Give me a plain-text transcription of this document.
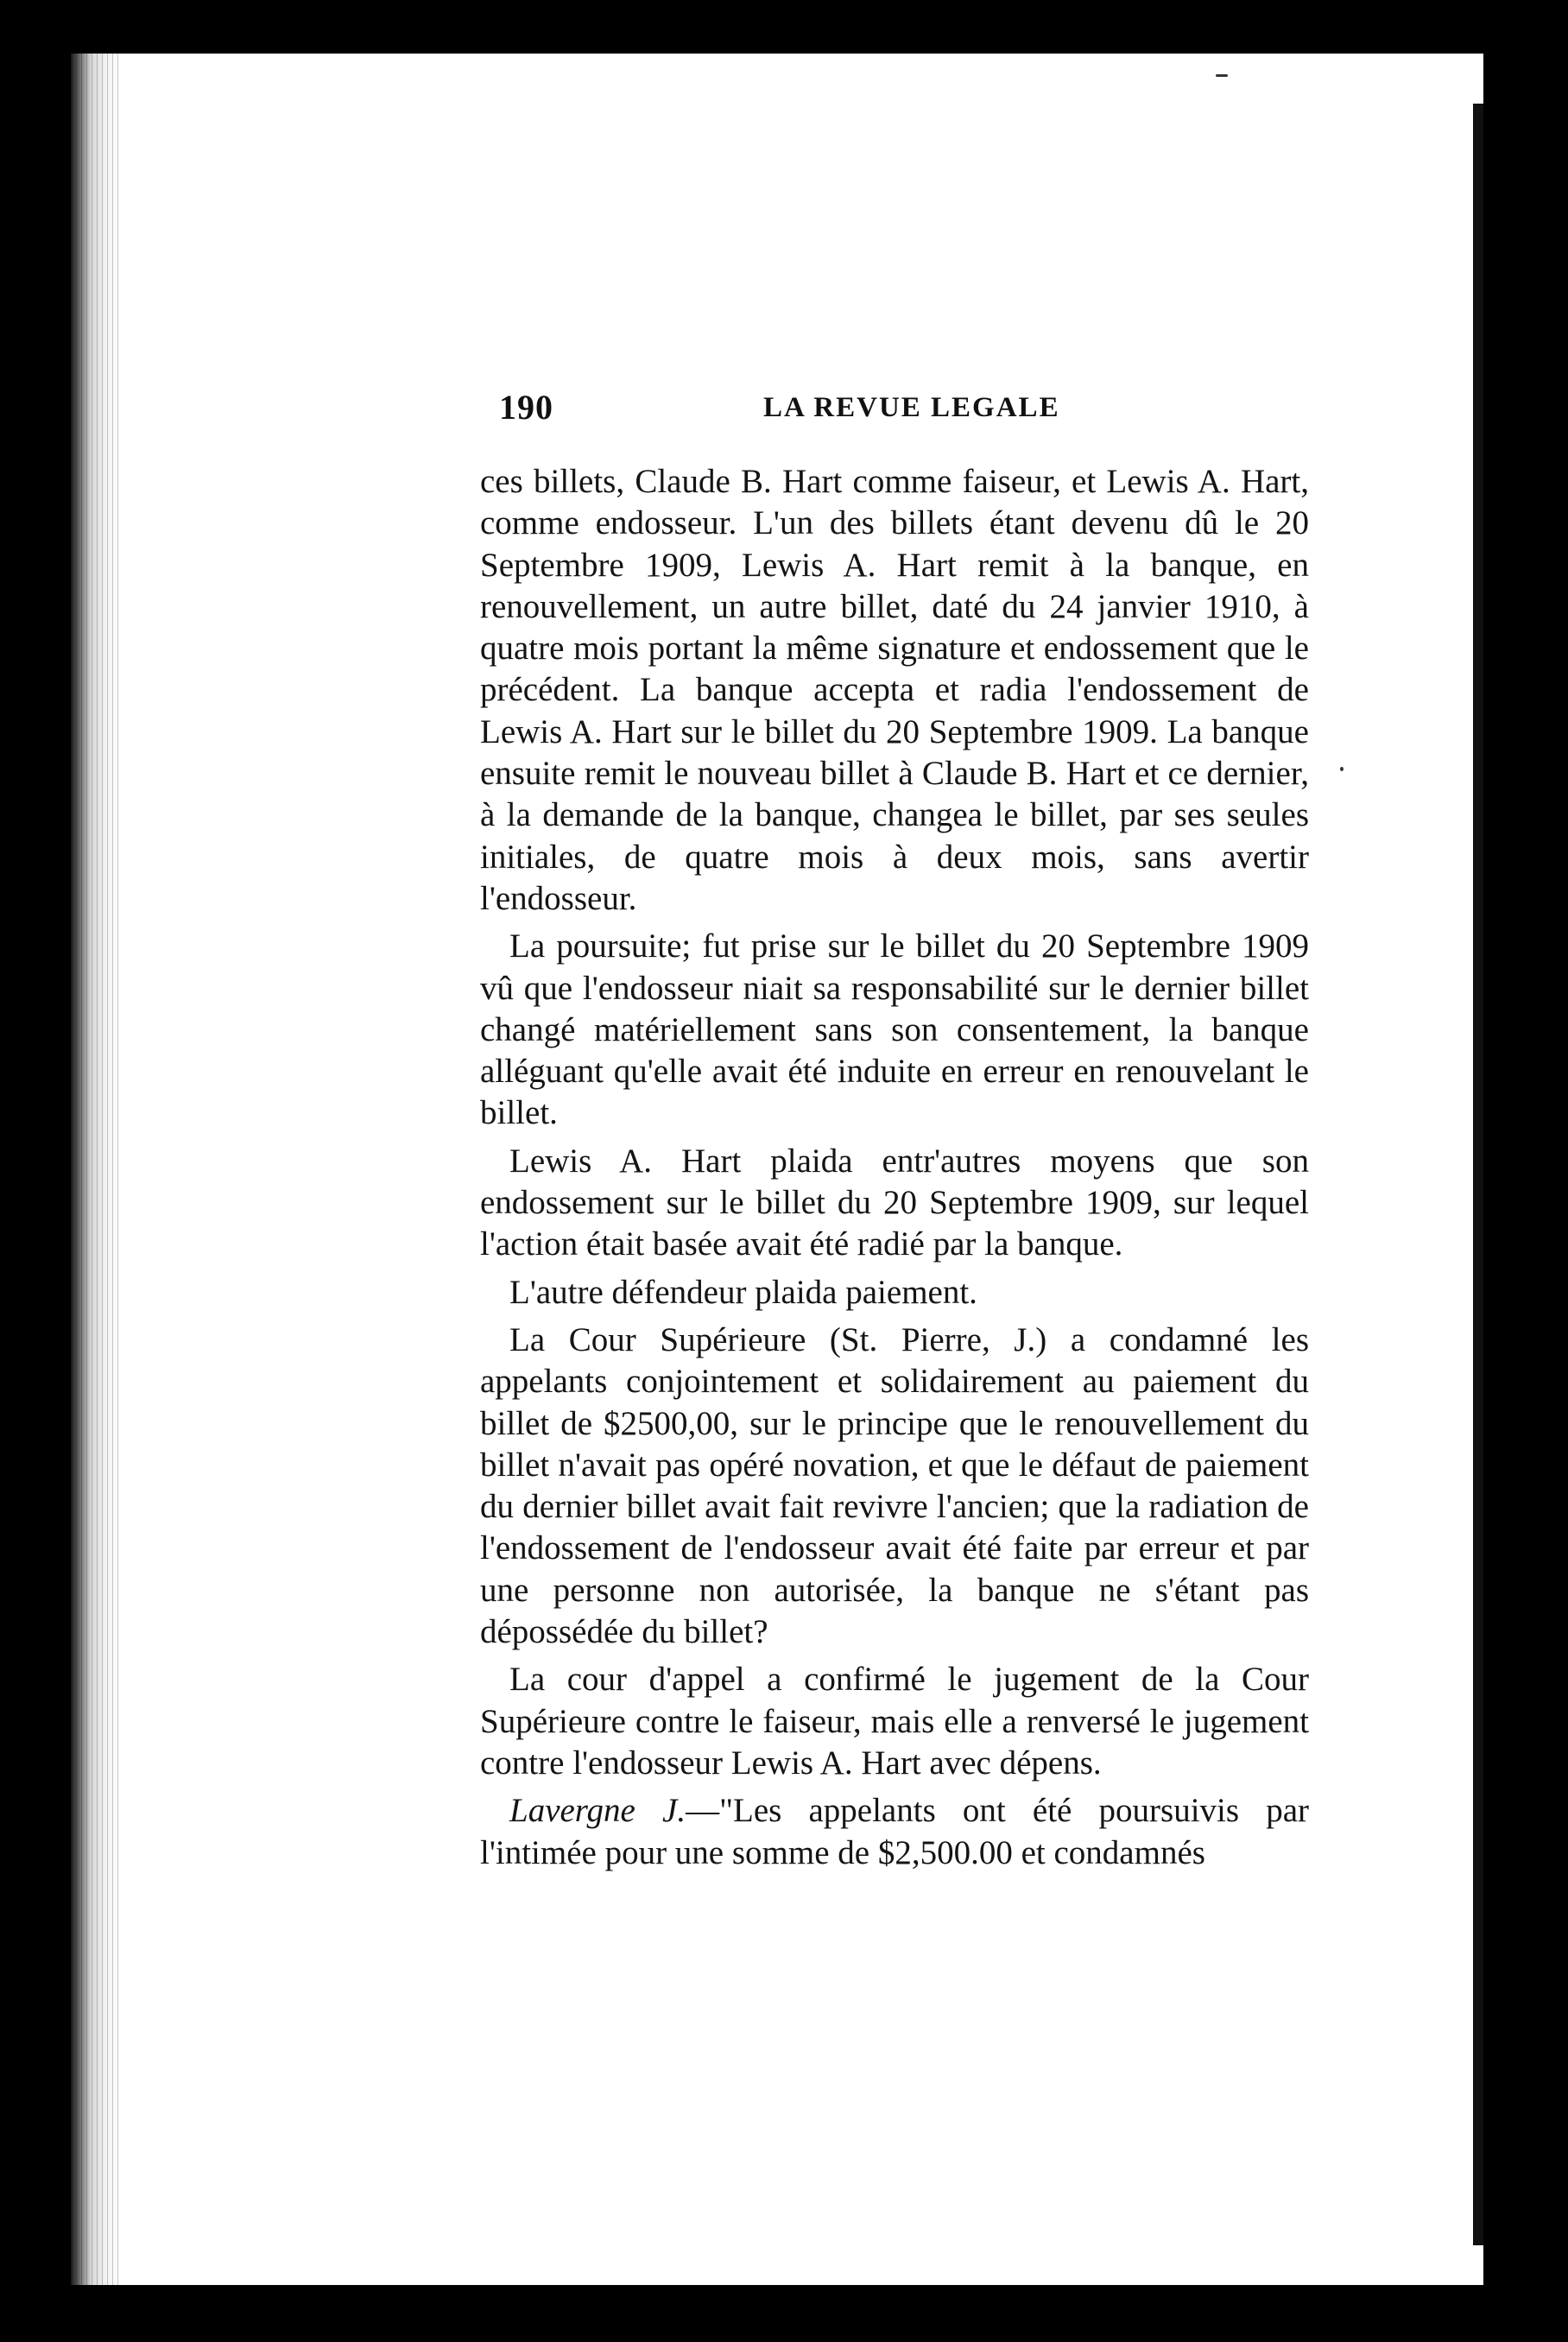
190	LA REVUE LEGALE

ces billets, Claude B. Hart comme faiseur, et Lewis A. Hart, comme endosseur. L'un des billets étant devenu dû le 20 Septembre 1909, Lewis A. Hart remit à la banque, en renouvellement, un autre billet, daté du 24 janvier 1910, à quatre mois portant la même signature et endossement que le précédent. La banque accepta et radia l'endossement de Lewis A. Hart sur le billet du 20 Septembre 1909. La banque ensuite remit le nouveau billet à Claude B. Hart et ce dernier, à la demande de la banque, changea le billet, par ses seules initiales, de quatre mois à deux mois, sans avertir l'endosseur.

La poursuite; fut prise sur le billet du 20 Septembre 1909 vû que l'endosseur niait sa responsabilité sur le dernier billet changé matériellement sans son consentement, la banque alléguant qu'elle avait été induite en erreur en renouvelant le billet.

Lewis A. Hart plaida entr'autres moyens que son endossement sur le billet du 20 Septembre 1909, sur lequel l'action était basée avait été radié par la banque.

L'autre défendeur plaida paiement.

La Cour Supérieure (St. Pierre, J.) a condamné les appelants conjointement et solidairement au paiement du billet de $2500,00, sur le principe que le renouvellement du billet n'avait pas opéré novation, et que le défaut de paiement du dernier billet avait fait revivre l'ancien; que la radiation de l'endossement de l'endosseur avait été faite par erreur et par une personne non autorisée, la banque ne s'étant pas dépossédée du billet?

La cour d'appel a confirmé le jugement de la Cour Supérieure contre le faiseur, mais elle a renversé le jugement contre l'endosseur Lewis A. Hart avec dépens.

Lavergne J.—"Les appelants ont été poursuivis par l'intimée pour une somme de $2,500.00 et condamnés
